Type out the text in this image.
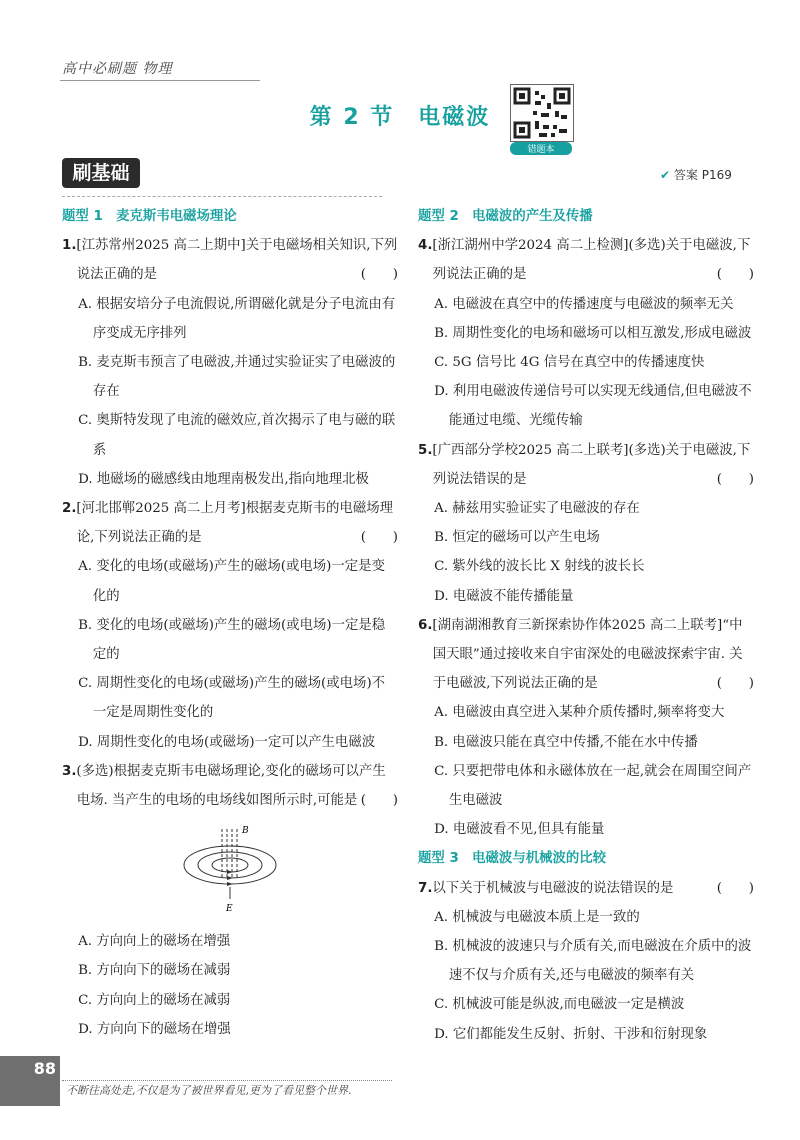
高中必刷题 物理
第 2 节　电磁波
错题本
刷基础	✔ 答案 P169
题型 1　麦克斯韦电磁场理论
1.[江苏常州2025 高二上期中]关于电磁场相关知识,下列说法正确的是	(　　)
A. 根据安培分子电流假说,所谓磁化就是分子电流由有序变成无序排列
B. 麦克斯韦预言了电磁波,并通过实验证实了电磁波的存在
C. 奥斯特发现了电流的磁效应,首次揭示了电与磁的联系
D. 地磁场的磁感线由地理南极发出,指向地理北极
2.[河北邯郸2025 高二上月考]根据麦克斯韦的电磁场理论,下列说法正确的是	(　　)
A. 变化的电场(或磁场)产生的磁场(或电场)一定是变化的
B. 变化的电场(或磁场)产生的磁场(或电场)一定是稳定的
C. 周期性变化的电场(或磁场)产生的磁场(或电场)不一定是周期性变化的
D. 周期性变化的电场(或磁场)一定可以产生电磁波
3.(多选)根据麦克斯韦电磁场理论,变化的磁场可以产生电场. 当产生的电场的电场线如图所示时,可能是 (　　)
B
E
A. 方向向上的磁场在增强
B. 方向向下的磁场在减弱
C. 方向向上的磁场在减弱
D. 方向向下的磁场在增强
题型 2　电磁波的产生及传播
4.[浙江湖州中学2024 高二上检测](多选)关于电磁波,下列说法正确的是	(　　)
A. 电磁波在真空中的传播速度与电磁波的频率无关
B. 周期性变化的电场和磁场可以相互激发,形成电磁波
C. 5G 信号比 4G 信号在真空中的传播速度快
D. 利用电磁波传递信号可以实现无线通信,但电磁波不能通过电缆、光缆传输
5.[广西部分学校2025 高二上联考](多选)关于电磁波,下列说法错误的是	(　　)
A. 赫兹用实验证实了电磁波的存在
B. 恒定的磁场可以产生电场
C. 紫外线的波长比 X 射线的波长长
D. 电磁波不能传播能量
6.[湖南湖湘教育三新探索协作体2025 高二上联考]“中国天眼”通过接收来自宇宙深处的电磁波探索宇宙. 关于电磁波,下列说法正确的是	(　　)
A. 电磁波由真空进入某种介质传播时,频率将变大
B. 电磁波只能在真空中传播,不能在水中传播
C. 只要把带电体和永磁体放在一起,就会在周围空间产生电磁波
D. 电磁波看不见,但具有能量
题型 3　电磁波与机械波的比较
7.以下关于机械波与电磁波的说法错误的是	(　　)
A. 机械波与电磁波本质上是一致的
B. 机械波的波速只与介质有关,而电磁波在介质中的波速不仅与介质有关,还与电磁波的频率有关
C. 机械波可能是纵波,而电磁波一定是横波
D. 它们都能发生反射、折射、干涉和衍射现象
88
不断往高处走,不仅是为了被世界看见,更为了看见整个世界.
